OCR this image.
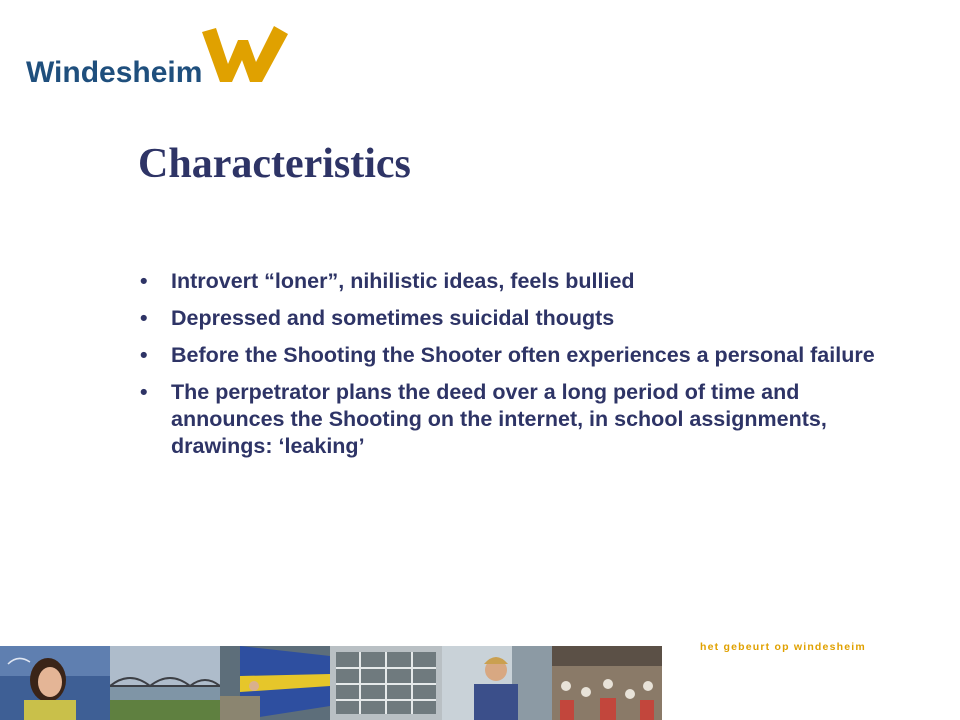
Windesheim
Characteristics
• Introvert “loner”, nihilistic ideas, feels bullied
• Depressed and sometimes suicidal thougts
• Before the Shooting the Shooter often experiences a personal failure
• The perpetrator plans the deed over a long period of time and announces the Shooting on the internet, in school assignments, drawings: ‘leaking’
het gebeurt op windesheim
